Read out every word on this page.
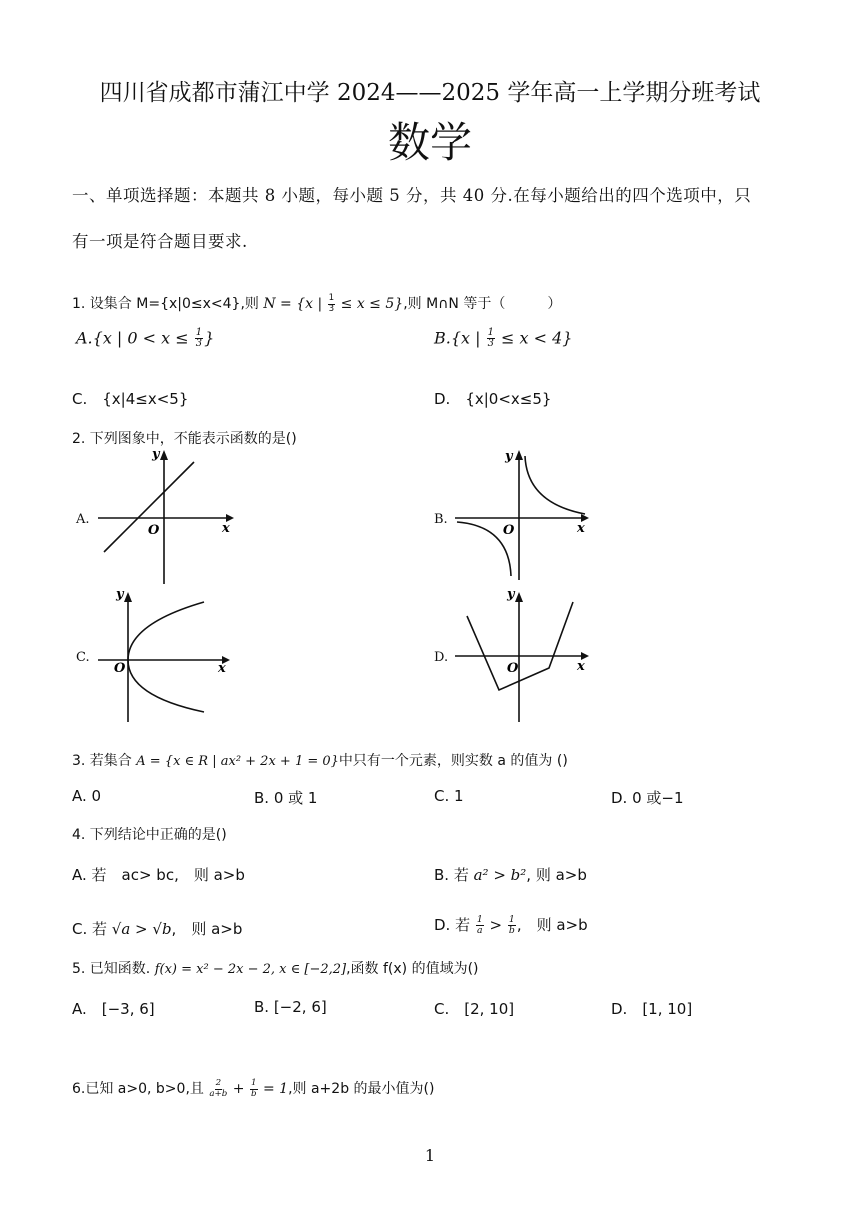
四川省成都市蒲江中学 2024——2025 学年高一上学期分班考试
数学
一、单项选择题：本题共 8 小题，每小题 5 分，共 40 分.在每小题给出的四个选项中，只
有一项是符合题目要求.
1. 设集合 M={x|0≤x<4},则 N = {x | $\frac{1}{3} \le x \le 5$},则 M∩N 等于（　　　）
A.{x | $0 < x \le \frac{1}{3}$ }	B.{x | $\frac{1}{3} \le x < 4$}
C.　{x|4≤x<5}	D.　{x|0<x≤5}
2. 下列图象中，不能表示函数的是()
A.
y
x
O
B.
y
x
O
C.
y
x
O
D.
y
x
O
3. 若集合 A = {x ∈ R | ax² + 2x + 1 = 0}中只有一个元素，则实数 a 的值为 ()
A. 0	B. 0 或 1	C. 1	D. 0 或−1
4. 下列结论中正确的是()
A. 若　ac> bc,　则 a>b	B. 若 a² > b², 则 a>b
C. 若 √a > √b,　则 a>b	D. 若 $\frac{1}{a} > \frac{1}{b}$ ,　则 a>b
5. 已知函数. f(x) = x² − 2x − 2, x ∈ [−2,2],函数 f(x) 的值域为()
A.　[−3, 6]	B. [−2, 6]	C.　[2, 10]	D.　[1, 10]
6.已知 a>0, b>0,且 $\frac{2}{a+b} + \frac{1}{b} = 1$,则 a+2b 的最小值为()
1
